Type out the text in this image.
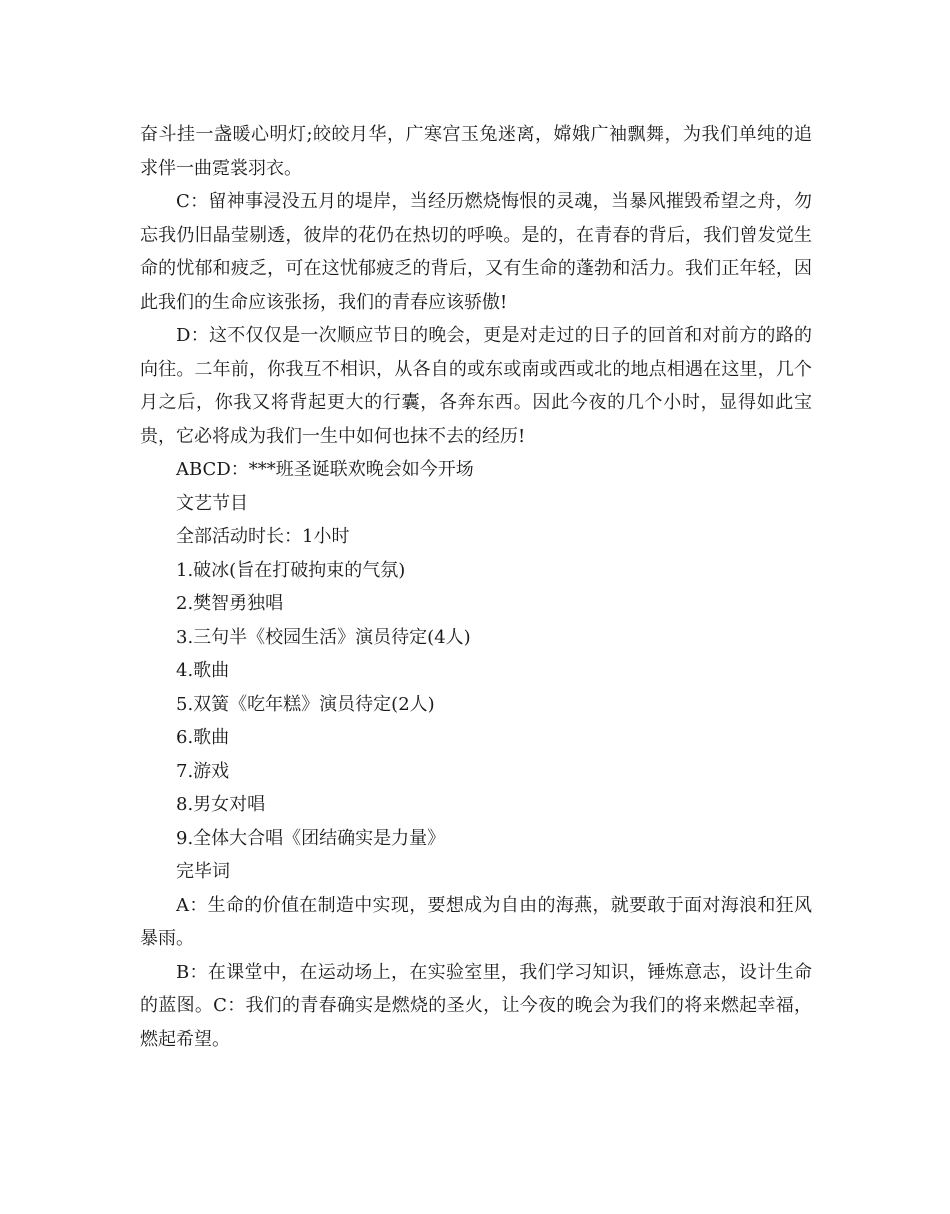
奋斗挂一盏暖心明灯;皎皎月华，广寒宫玉兔迷离，嫦娥广袖飘舞，为我们单纯的追求伴一曲霓裳羽衣。

C：留神事浸没五月的堤岸，当经历燃烧悔恨的灵魂，当暴风摧毁希望之舟，勿忘我仍旧晶莹剔透，彼岸的花仍在热切的呼唤。是的，在青春的背后，我们曾发觉生命的忧郁和疲乏，可在这忧郁疲乏的背后，又有生命的蓬勃和活力。我们正年轻，因此我们的生命应该张扬，我们的青春应该骄傲!

D：这不仅仅是一次顺应节日的晚会，更是对走过的日子的回首和对前方的路的向往。二年前，你我互不相识，从各自的或东或南或西或北的地点相遇在这里，几个月之后，你我又将背起更大的行囊，各奔东西。因此今夜的几个小时，显得如此宝贵，它必将成为我们一生中如何也抹不去的经历!

ABCD：***班圣诞联欢晚会如今开场

文艺节目

全部活动时长：1小时

1.破冰(旨在打破拘束的气氛)

2.樊智勇独唱

3.三句半《校园生活》演员待定(4人)

4.歌曲

5.双簧《吃年糕》演员待定(2人)

6.歌曲

7.游戏

8.男女对唱

9.全体大合唱《团结确实是力量》

完毕词

A：生命的价值在制造中实现，要想成为自由的海燕，就要敢于面对海浪和狂风暴雨。

B：在课堂中，在运动场上，在实验室里，我们学习知识，锤炼意志，设计生命的蓝图。C：我们的青春确实是燃烧的圣火，让今夜的晚会为我们的将来燃起幸福，燃起希望。
